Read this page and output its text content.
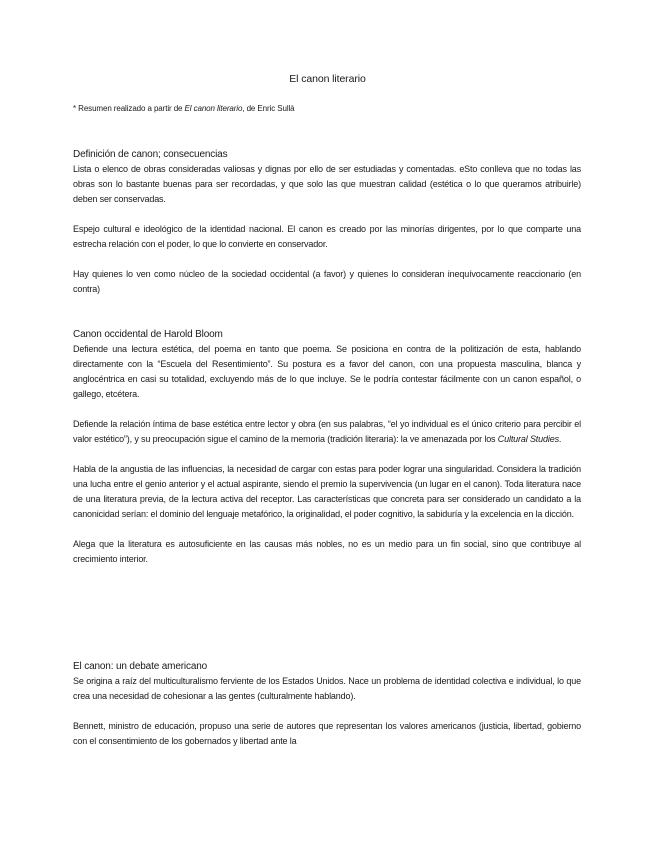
El canon literario
* Resumen realizado a partir de El canon literario, de Enric Sullà

Definición de canon; consecuencias

Lista o elenco de obras consideradas valiosas y dignas por ello de ser estudiadas y comentadas. eSto conlleva que no todas las obras son lo bastante buenas para ser recordadas, y que solo las que muestran calidad (estética o lo que queramos atribuirle) deben ser conservadas.

Espejo cultural e ideológico de la identidad nacional. El canon es creado por las minorías dirigentes, por lo que comparte una estrecha relación con el poder, lo que lo convierte en conservador.

Hay quienes lo ven como núcleo de la sociedad occidental (a favor) y quienes lo consideran inequívocamente reaccionario (en contra)

Canon occidental de Harold Bloom

Defiende una lectura estética, del poema en tanto que poema. Se posiciona en contra de la politización de esta, hablando directamente con la “Escuela del Resentimiento”. Su postura es a favor del canon, con una propuesta masculina, blanca y anglocéntrica en casi su totalidad, excluyendo más de lo que incluye. Se le podría contestar fácilmente con un canon español, o gallego, etcétera.

Defiende la relación íntima de base estética entre lector y obra (en sus palabras, “el yo individual es el único criterio para percibir el valor estético”), y su preocupación sigue el camino de la memoria (tradición literaria): la ve amenazada por los Cultural Studies.

Habla de la angustia de las influencias, la necesidad de cargar con estas para poder lograr una singularidad. Considera la tradición una lucha entre el genio anterior y el actual aspirante, siendo el premio la supervivencia (un lugar en el canon). Toda literatura nace de una literatura previa, de la lectura activa del receptor. Las características que concreta para ser considerado un candidato a la canonicidad serían: el dominio del lenguaje metafórico, la originalidad, el poder cognitivo, la sabiduría y la excelencia en la dicción.

Alega que la literatura es autosuficiente en las causas más nobles, no es un medio para un fin social, sino que contribuye al crecimiento interior.

El canon: un debate americano

Se origina a raíz del multiculturalismo ferviente de los Estados Unidos. Nace un problema de identidad colectiva e individual, lo que crea una necesidad de cohesionar a las gentes (culturalmente hablando).

Bennett, ministro de educación, propuso una serie de autores que representan los valores americanos (justicia, libertad, gobierno con el consentimiento de los gobernados y libertad ante la
